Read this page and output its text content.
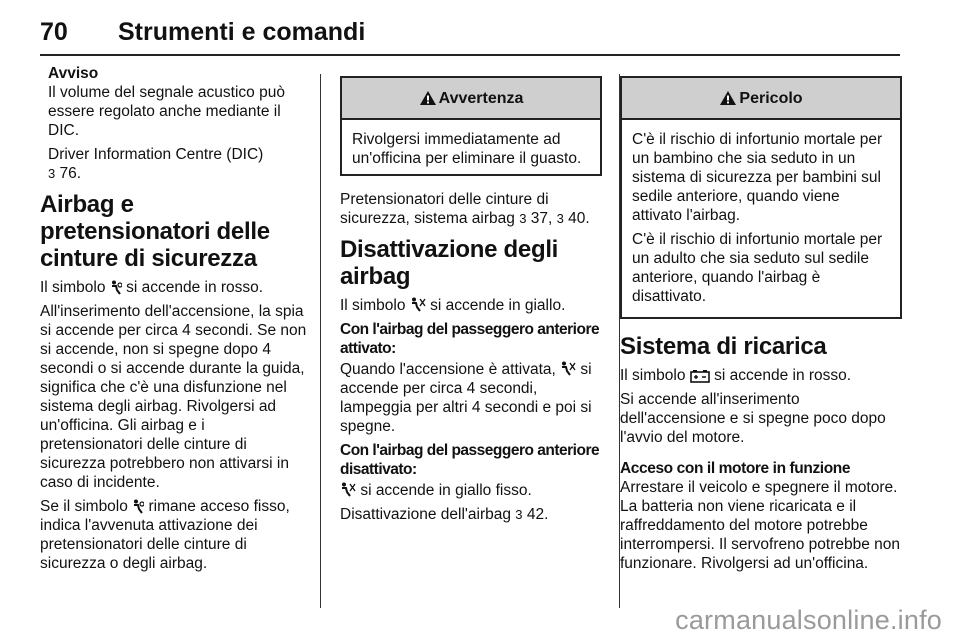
70 Strumenti e comandi
Avviso

Il volume del segnale acustico può essere regolato anche mediante il DIC.

Driver Information Centre (DIC)
3 76.

Airbag e pretensionatori delle cinture di sicurezza

Il simbolo si accende in rosso.

All'inserimento dell'accensione, la spia si accende per circa 4 secondi. Se non si accende, non si spegne dopo 4 secondi o si accende durante la guida, significa che c'è una disfunzione nel sistema degli airbag. Rivolgersi ad un'officina. Gli airbag e i pretensionatori delle cinture di sicurezza potrebbero non attivarsi in caso di incidente.

Se il simbolo rimane acceso fisso, indica l'avvenuta attivazione dei pretensionatori delle cinture di sicurezza o degli airbag.

Avvertenza
Rivolgersi immediatamente ad un'officina per eliminare il guasto.

Pretensionatori delle cinture di sicurezza, sistema airbag 3 37, 3 40.

Disattivazione degli airbag

Il simbolo si accende in giallo.

Con l'airbag del passeggero anteriore attivato:

Quando l'accensione è attivata, si accende per circa 4 secondi, lampeggia per altri 4 secondi e poi si spegne.

Con l'airbag del passeggero anteriore disattivato:

si accende in giallo fisso.

Disattivazione dell'airbag 3 42.

Pericolo

C'è il rischio di infortunio mortale per un bambino che sia seduto in un sistema di sicurezza per bambini sul sedile anteriore, quando viene attivato l'airbag.

C'è il rischio di infortunio mortale per un adulto che sia seduto sul sedile anteriore, quando l'airbag è disattivato.

Sistema di ricarica

Il simbolo si accende in rosso.

Si accende all'inserimento dell'accensione e si spegne poco dopo l'avvio del motore.

Acceso con il motore in funzione

Arrestare il veicolo e spegnere il motore. La batteria non viene ricaricata e il raffreddamento del motore potrebbe interrompersi. Il servofreno potrebbe non funzionare. Rivolgersi ad un'officina.

carmanualsonline.info
